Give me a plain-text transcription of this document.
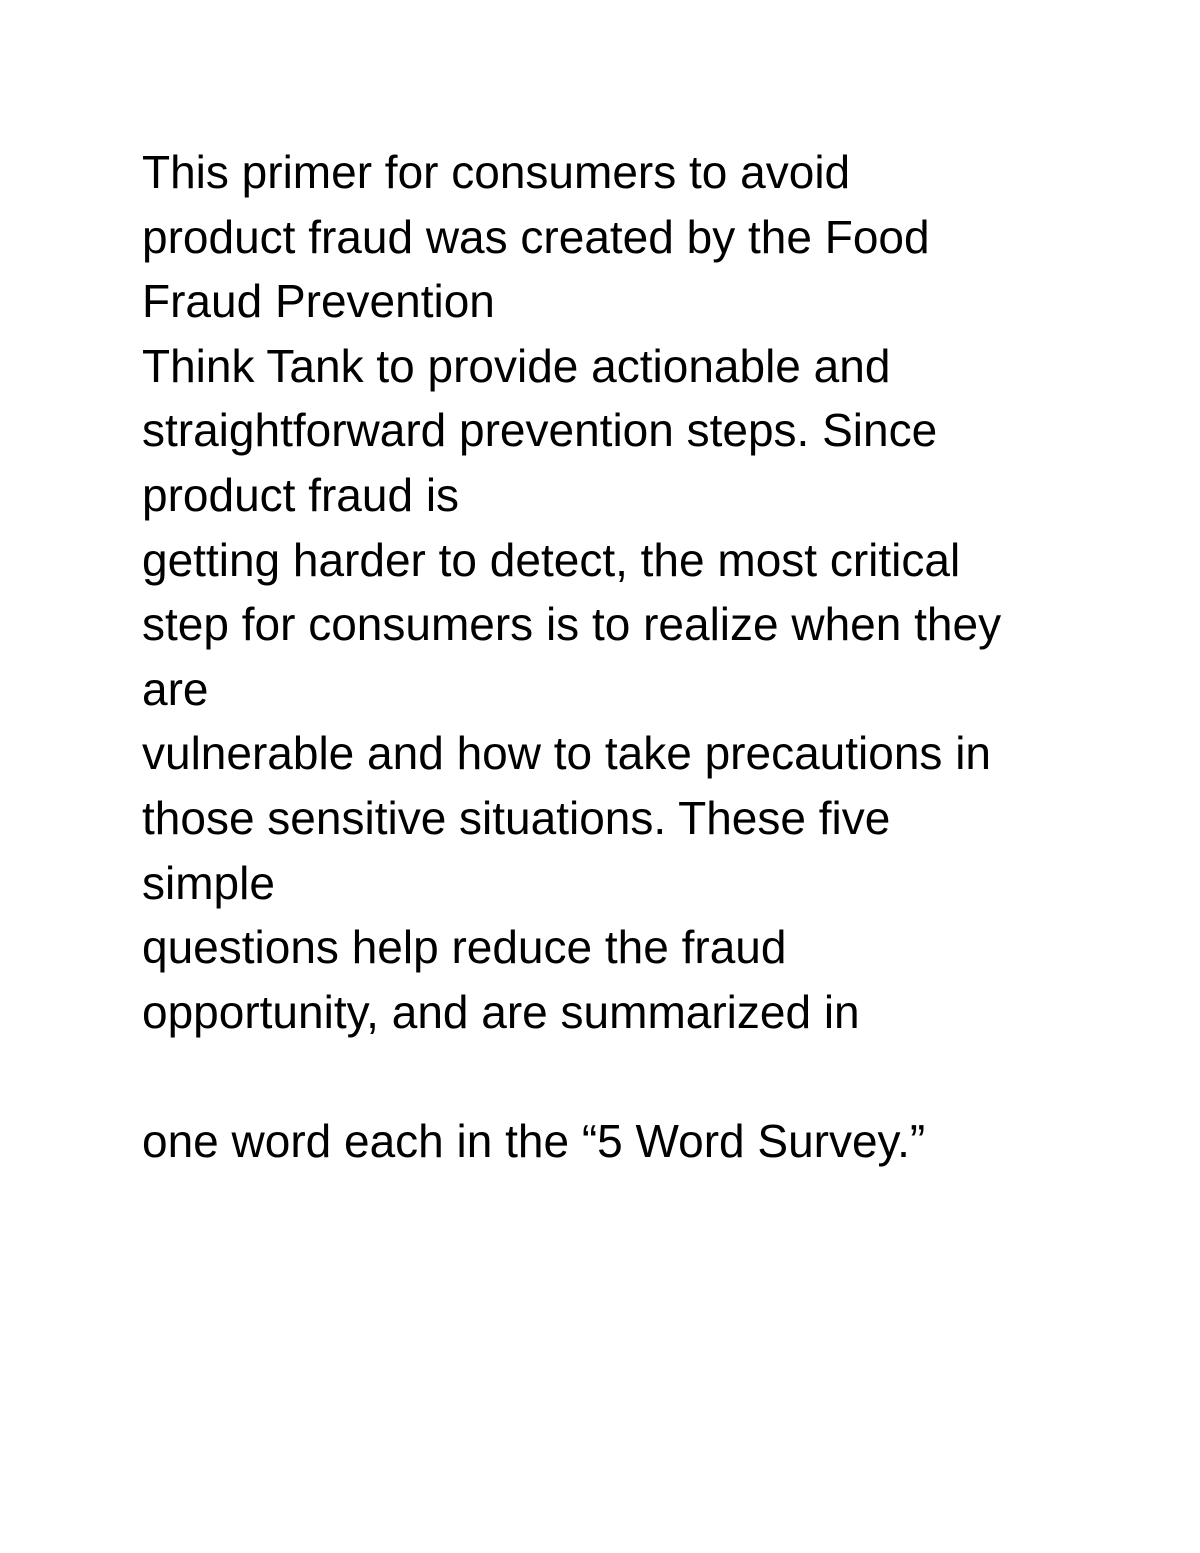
This primer for consumers to avoid
product fraud was created by the Food
Fraud Prevention
Think Tank to provide actionable and
straightforward prevention steps. Since
product fraud is
getting harder to detect, the most critical
step for consumers is to realize when they
are
vulnerable and how to take precautions in
those sensitive situations. These five
simple
questions help reduce the fraud
opportunity, and are summarized in
one word each in the “5 Word Survey.”
